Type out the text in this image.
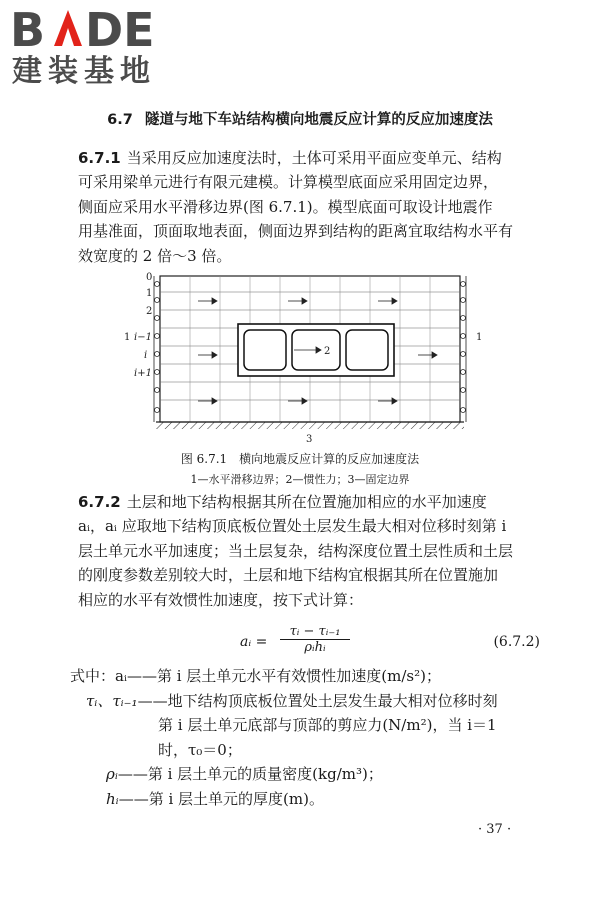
B DE
建装基地
6.7 隧道与地下车站结构横向地震反应计算的反应加速度法
6.7.1 当采用反应加速度法时，土体可采用平面应变单元、结构
可采用梁单元进行有限元建模。计算模型底面应采用固定边界，
侧面应采用水平滑移边界(图 6.7.1)。模型底面可取设计地震作
用基准面，顶面取地表面，侧面边界到结构的距离宜取结构水平有
效宽度的 2 倍～3 倍。
0
1
2
i−1
i
i+1
1	1
2
3
图 6.7.1　横向地震反应计算的反应加速度法
1—水平滑移边界；2—惯性力；3—固定边界
6.7.2 土层和地下结构根据其所在位置施加相应的水平加速度
aᵢ，aᵢ 应取地下结构顶底板位置处土层发生最大相对位移时刻第 i
层土单元水平加速度；当土层复杂，结构深度位置土层性质和土层
的刚度参数差别较大时，土层和地下结构宜根据其所在位置施加
相应的水平有效惯性加速度，按下式计算：
aᵢ =
τᵢ − τᵢ₋₁
ρᵢhᵢ	(6.7.2)
式中：aᵢ——第 i 层土单元水平有效惯性加速度(m/s²)；
τᵢ、τᵢ₋₁——地下结构顶底板位置处土层发生最大相对位移时刻
第 i 层土单元底部与顶部的剪应力(N/m²)，当 i＝1
时，τ₀＝0；
ρᵢ——第 i 层土单元的质量密度(kg/m³)；
hᵢ——第 i 层土单元的厚度(m)。
· 37 ·
